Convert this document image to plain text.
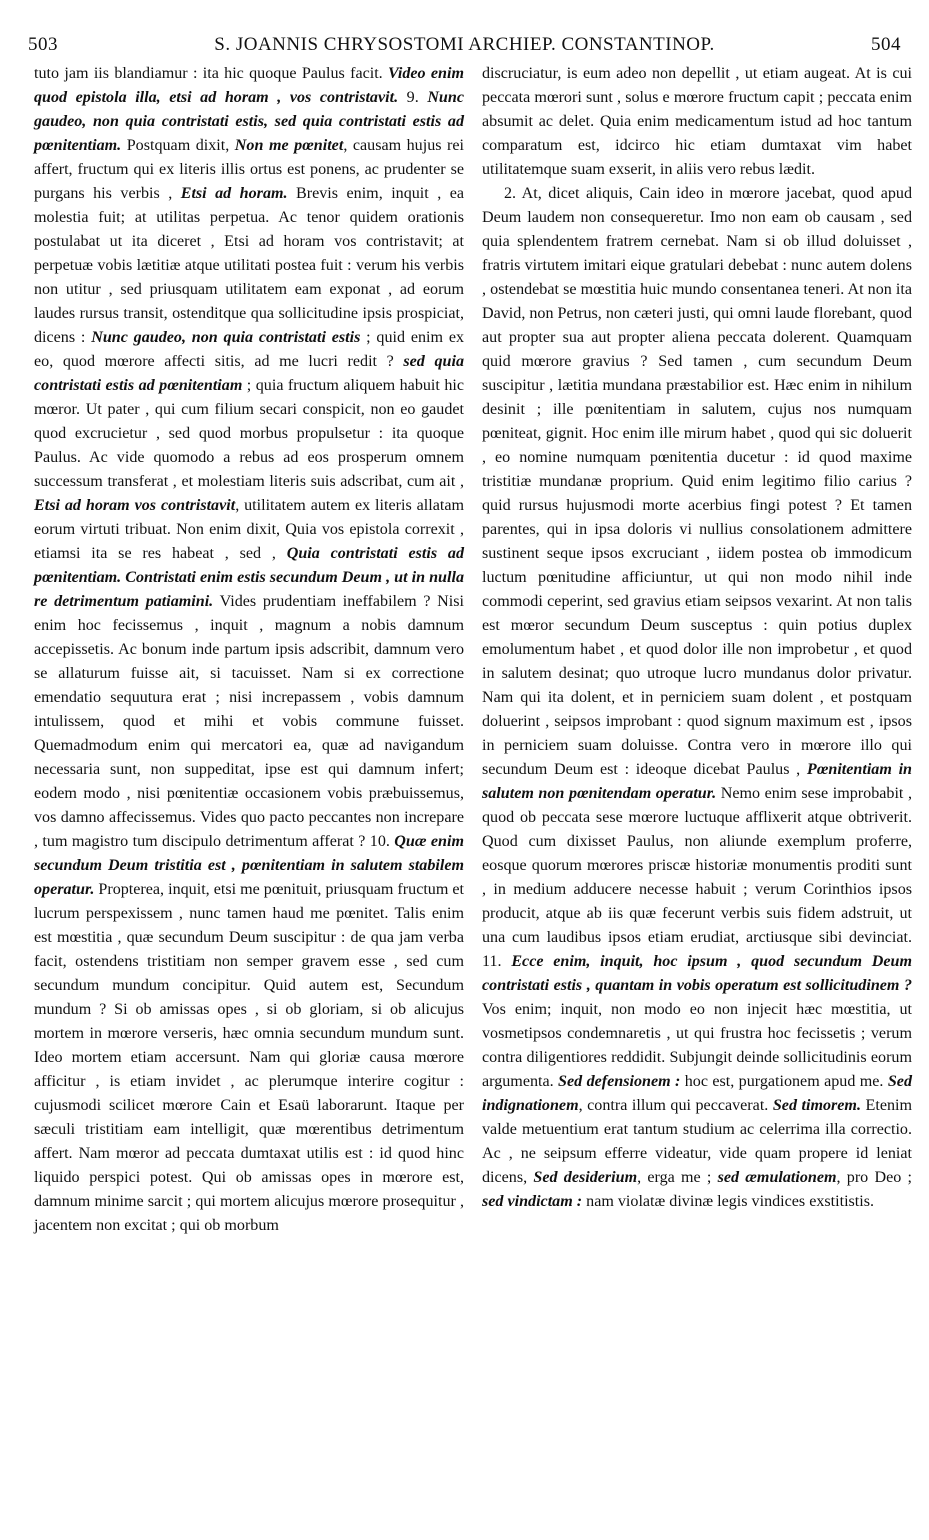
503	S. JOANNIS CHRYSOSTOMI ARCHIEP. CONSTANTINOP.	504

tuto jam iis blandiamur : ita hic quoque Paulus facit. Video enim quod epistola illa, etsi ad horam , vos contristavit. 9. Nunc gaudeo, non quia contristati estis, sed quia contristati estis ad pœnitentiam. Postquam dixit, Non me pœnitet, causam hujus rei affert, fructum qui ex literis illis ortus est ponens, ac prudenter se purgans his verbis , Etsi ad horam. Brevis enim, inquit , ea molestia fuit; at utilitas perpetua. Ac tenor quidem orationis postulabat ut ita diceret , Etsi ad horam vos contristavit; at perpetuæ vobis lætitiæ atque utilitati postea fuit : verum his verbis non utitur , sed priusquam utilitatem eam exponat , ad eorum laudes rursus transit, ostenditque qua sollicitudine ipsis prospiciat, dicens : Nunc gaudeo, non quia contristati estis ; quid enim ex eo, quod mœrore affecti sitis, ad me lucri redit ? sed quia contristati estis ad pœnitentiam ; quia fructum aliquem habuit hic mœror. Ut pater , qui cum filium secari conspicit, non eo gaudet quod excrucietur , sed quod morbus propulsetur : ita quoque Paulus. Ac vide quomodo a rebus ad eos prosperum omnem successum transferat , et molestiam literis suis adscribat, cum ait , Etsi ad horam vos contristavit, utilitatem autem ex literis allatam eorum virtuti tribuat. Non enim dixit, Quia vos epistola correxit , etiamsi ita se res habeat , sed , Quia contristati estis ad pœnitentiam. Contristati enim estis secundum Deum , ut in nulla re detrimentum patiamini. Vides prudentiam ineffabilem ? Nisi enim hoc fecissemus , inquit , magnum a nobis damnum accepissetis. Ac bonum inde partum ipsis adscribit, damnum vero se allaturum fuisse ait, si tacuisset. Nam si ex correctione emendatio sequutura erat ; nisi increpassem , vobis damnum intulissem, quod et mihi et vobis commune fuisset. Quemadmodum enim qui mercatori ea, quæ ad navigandum necessaria sunt, non suppeditat, ipse est qui damnum infert; eodem modo , nisi pœnitentiæ occasionem vobis præbuissemus, vos damno affecissemus. Vides quo pacto peccantes non increpare , tum magistro tum discipulo detrimentum afferat ? 10. Quæ enim secundum Deum tristitia est , pœnitentiam in salutem stabilem operatur. Propterea, inquit, etsi me pœnituit, priusquam fructum et lucrum perspexissem , nunc tamen haud me pœnitet. Talis enim est mœstitia , quæ secundum Deum suscipitur : de qua jam verba facit, ostendens tristitiam non semper gravem esse , sed cum secundum mundum concipitur. Quid autem est, Secundum mundum ? Si ob amissas opes , si ob gloriam, si ob alicujus mortem in mœrore verseris, hæc omnia secundum mundum sunt. Ideo mortem etiam accersunt. Nam qui gloriæ causa mœrore afficitur , is etiam invidet , ac plerumque interire cogitur : cujusmodi scilicet mœrore Cain et Esaü laborarunt. Itaque per sæculi tristitiam eam intelligit, quæ mœrentibus detrimentum affert. Nam mœror ad peccata dumtaxat utilis est : id quod hinc liquido perspici potest. Qui ob amissas opes in mœrore est, damnum minime sarcit ; qui mortem alicujus mœrore prosequitur , jacentem non excitat ; qui ob morbum

discruciatur, is eum adeo non depellit , ut etiam augeat. At is cui peccata mœrori sunt , solus e mœrore fructum capit ; peccata enim absumit ac delet. Quia enim medicamentum istud ad hoc tantum comparatum est, idcirco hic etiam dumtaxat vim habet utilitatemque suam exserit, in aliis vero rebus lædit.

2. At, dicet aliquis, Cain ideo in mœrore jacebat, quod apud Deum laudem non consequeretur. Imo non eam ob causam , sed quia splendentem fratrem cernebat. Nam si ob illud doluisset , fratris virtutem imitari eique gratulari debebat : nunc autem dolens , ostendebat se mœstitia huic mundo consentanea teneri. At non ita David, non Petrus, non cæteri justi, qui omni laude florebant, quod aut propter sua aut propter aliena peccata dolerent. Quamquam quid mœrore gravius ? Sed tamen , cum secundum Deum suscipitur , lætitia mundana præstabilior est. Hæc enim in nihilum desinit ; ille pœnitentiam in salutem, cujus nos numquam pœniteat, gignit. Hoc enim ille mirum habet , quod qui sic doluerit , eo nomine numquam pœnitentia ducetur : id quod maxime tristitiæ mundanæ proprium. Quid enim legitimo filio carius ? quid rursus hujusmodi morte acerbius fingi potest ? Et tamen parentes, qui in ipsa doloris vi nullius consolationem admittere sustinent seque ipsos excruciant , iidem postea ob immodicum luctum pœnitudine afficiuntur, ut qui non modo nihil inde commodi ceperint, sed gravius etiam seipsos vexarint. At non talis est mœror secundum Deum susceptus : quin potius duplex emolumentum habet , et quod dolor ille non improbetur , et quod in salutem desinat; quo utroque lucro mundanus dolor privatur. Nam qui ita dolent, et in perniciem suam dolent , et postquam doluerint , seipsos improbant : quod signum maximum est , ipsos in perniciem suam doluisse. Contra vero in mœrore illo qui secundum Deum est : ideoque dicebat Paulus , Pœnitentiam in salutem non pœnitendam operatur. Nemo enim sese improbabit , quod ob peccata sese mœrore luctuque afflixerit atque obtriverit. Quod cum dixisset Paulus, non aliunde exemplum proferre, eosque quorum mœrores priscæ historiæ monumentis proditi sunt , in medium adducere necesse habuit ; verum Corinthios ipsos producit, atque ab iis quæ fecerunt verbis suis fidem adstruit, ut una cum laudibus ipsos etiam erudiat, arctiusque sibi devinciat. 11. Ecce enim, inquit, hoc ipsum , quod secundum Deum contristati estis , quantam in vobis operatum est sollicitudinem ? Vos enim; inquit, non modo eo non injecit hæc mœstitia, ut vosmetipsos condemnaretis , ut qui frustra hoc fecissetis ; verum contra diligentiores reddidit. Subjungit deinde sollicitudinis eorum argumenta. Sed defensionem : hoc est, purgationem apud me. Sed indignationem, contra illum qui peccaverat. Sed timorem. Etenim valde metuentium erat tantum studium ac celerrima illa correctio. Ac , ne seipsum efferre videatur, vide quam propere id leniat dicens, Sed desiderium, erga me ; sed æmulationem, pro Deo ; sed vindictam : nam violatæ divinæ legis vindices exstitistis.
